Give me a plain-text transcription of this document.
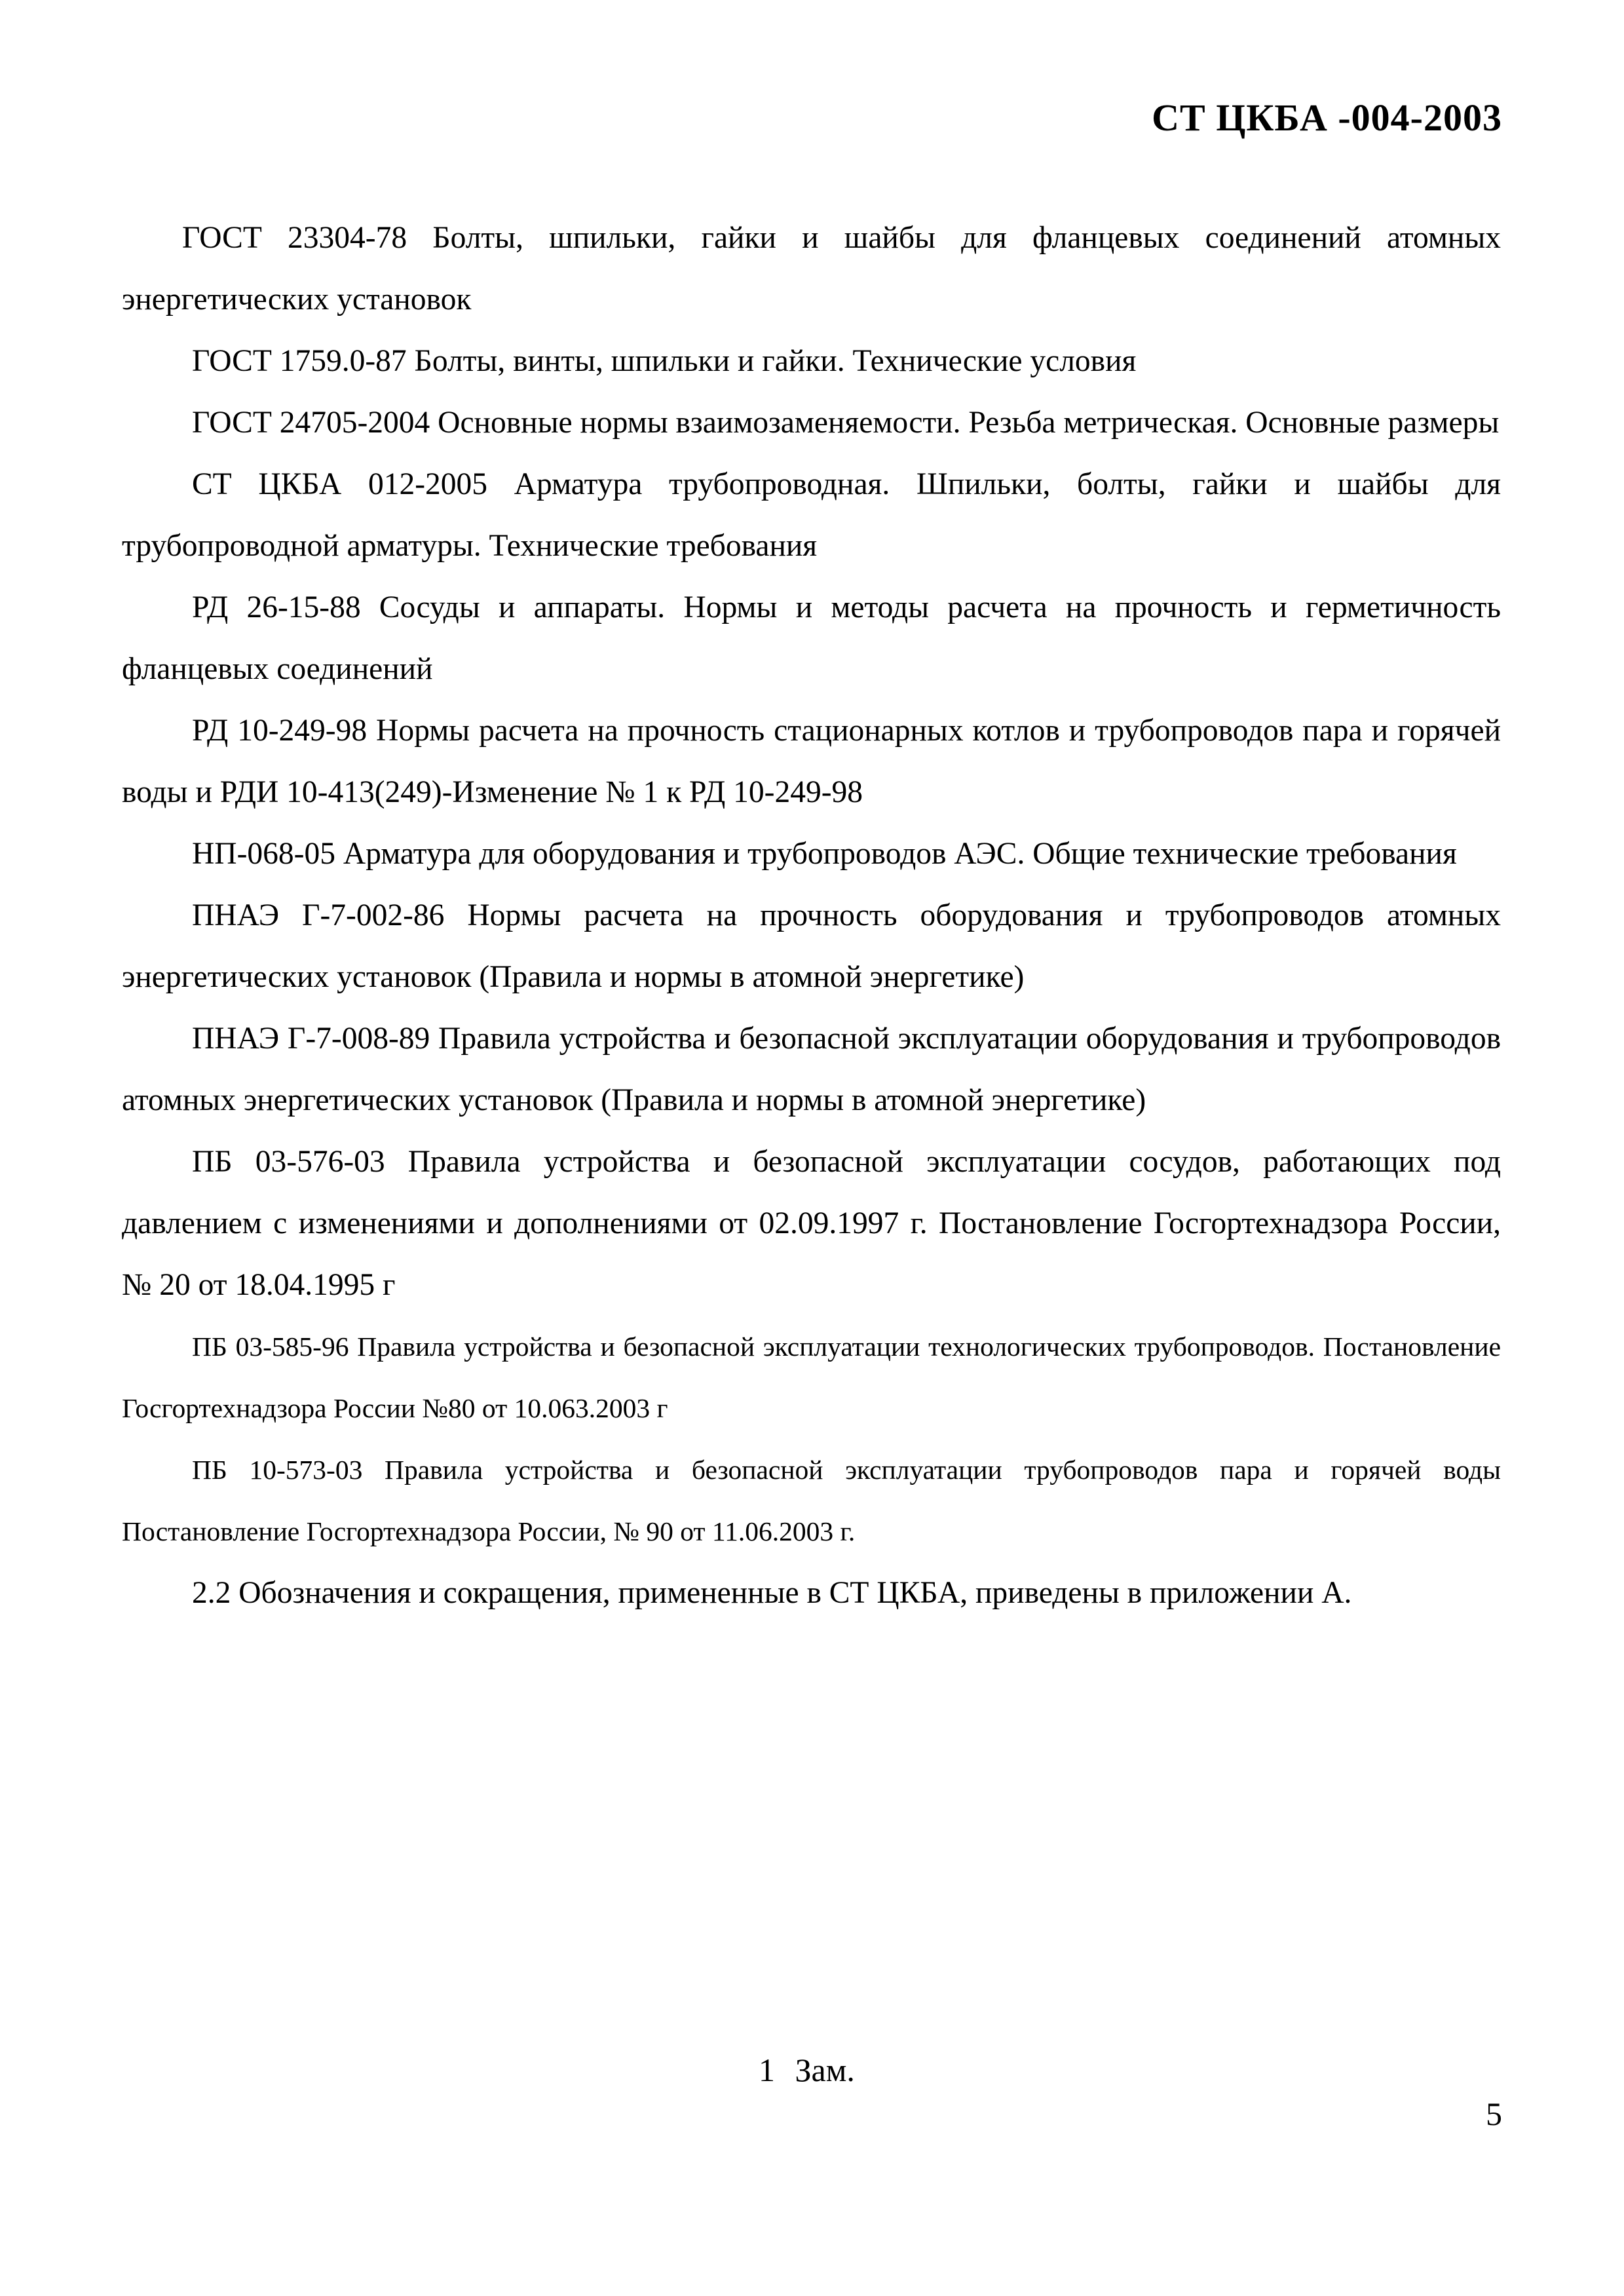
СТ ЦКБА -004-2003

ГОСТ 23304-78 Болты, шпильки, гайки и шайбы для фланцевых соединений атомных энергетических установок

ГОСТ 1759.0-87 Болты, винты, шпильки и гайки. Технические условия

ГОСТ 24705-2004 Основные нормы взаимозаменяемости. Резьба метрическая. Основные размеры

СТ ЦКБА 012-2005 Арматура трубопроводная. Шпильки, болты, гайки и шайбы для трубопроводной арматуры. Технические требования

РД 26-15-88 Сосуды и аппараты. Нормы и методы расчета на прочность и герметичность фланцевых соединений

РД 10-249-98 Нормы расчета на прочность стационарных котлов и трубопроводов пара и горячей воды и РДИ 10-413(249)-Изменение № 1 к РД 10-249-98

НП-068-05 Арматура для оборудования и трубопроводов АЭС. Общие технические требования

ПНАЭ Г-7-002-86 Нормы расчета на прочность оборудования и трубопроводов атомных энергетических установок (Правила и нормы в атомной энергетике)

ПНАЭ Г-7-008-89 Правила устройства и безопасной эксплуатации оборудования и трубопроводов атомных энергетических установок (Правила и нормы в атомной энергетике)

ПБ 03-576-03 Правила устройства и безопасной эксплуатации сосудов, работающих под давлением с изменениями и дополнениями от 02.09.1997 г. Постановление Госгортехнадзора России, № 20 от 18.04.1995 г

ПБ 03-585-96 Правила устройства и безопасной эксплуатации технологических трубопроводов. Постановление Госгортехнадзора России №80 от 10.063.2003 г

ПБ 10-573-03 Правила устройства и безопасной эксплуатации трубопроводов пара и горячей воды Постановление Госгортехнадзора России, № 90 от 11.06.2003 г.

2.2 Обозначения и сокращения, примененные в СТ ЦКБА, приведены в приложении А.

1 Зам.
5
